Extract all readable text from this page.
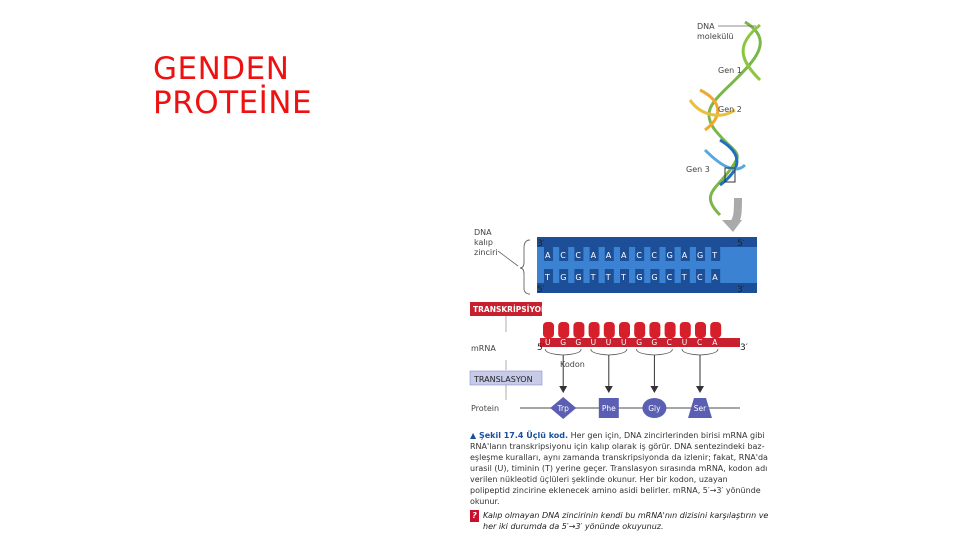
GENDEN
PROTEİNE
DNA
molekülü
Gen 1
Gen 2
Gen 3
DNA
kalıp
zinciri	A C C A A A C C G A G T
T G G T T T G G C T C A
3′	5′
5′	3′
TRANSKRİPSİYON
mRNA
TRANSLASYON
Protein
U G G U U U G G C U C A
5′	3′
Kodon
Trp	Phe	Gly	Ser
▲ Şekil 17.4 Üçlü kod. Her gen için, DNA zincirlerinden birisi mRNA gibi RNA'ların transkripsiyonu için kalıp olarak iş görür. DNA sentezindeki baz-eşleşme kuralları, aynı zamanda transkripsiyonda da izlenir; fakat, RNA'da urasil (U), timinin (T) yerine geçer. Translasyon sırasında mRNA, kodon adı verilen nükleotid üçlüleri şeklinde okunur. Her bir kodon, uzayan polipeptid zincirine eklenecek amino asidi belirler. mRNA, 5′→3′ yönünde okunur.
? Kalıp olmayan DNA zincirinin kendi bu mRNA'nın dizisini karşılaştırın ve her iki durumda da 5′→3′ yönünde okuyunuz.
